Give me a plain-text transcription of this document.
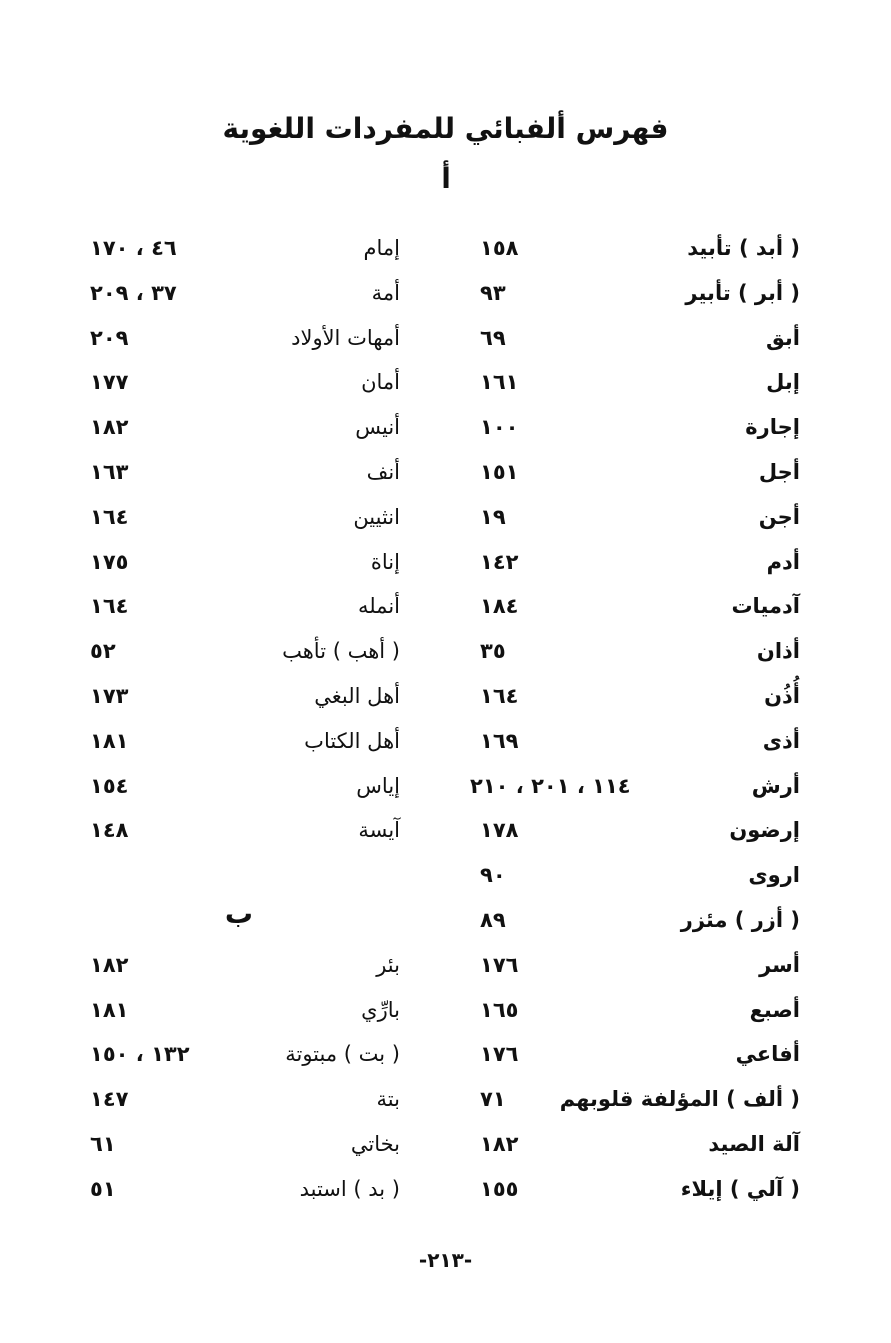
فهرس ألفبائي للمفردات اللغوية
أ
( أبد ) تأبيد
١٥٨
( أبر ) تأبير
٩٣
أبق
٦٩
إبل
١٦١
إجارة
١٠٠
أجل
١٥١
أجن
١٩
أدم
١٤٢
آدميات
١٨٤
أذان
٣٥
أُذُن
١٦٤
أذى
١٦٩
أرش
١١٤ ، ٢٠١ ، ٢١٠
إرضون
١٧٨
اروى
٩٠
( أزر ) مئزر
٨٩
أسر
١٧٦
أصبع
١٦٥
أفاعي
١٧٦
( ألف ) المؤلفة قلوبهم
٧١
آلة الصيد
١٨٢
( آلي ) إيلاء
١٥٥
إمام
٤٦ ، ١٧٠
أمة
٣٧ ، ٢٠٩
أمهات الأولاد
٢٠٩
أمان
١٧٧
أنيس
١٨٢
أنف
١٦٣
انثيين
١٦٤
إناة
١٧٥
أنمله
١٦٤
( أهب ) تأهب
٥٢
أهل البغي
١٧٣
أهل الكتاب
١٨١
إياس
١٥٤
آيسة
١٤٨
بئر
١٨٢
بارِّي
١٨١
( بت ) مبتوتة
١٣٢ ، ١٥٠
بتة
١٤٧
بخاتي
٦١
( بد ) استبد
٥١
ب
-٢١٣-
